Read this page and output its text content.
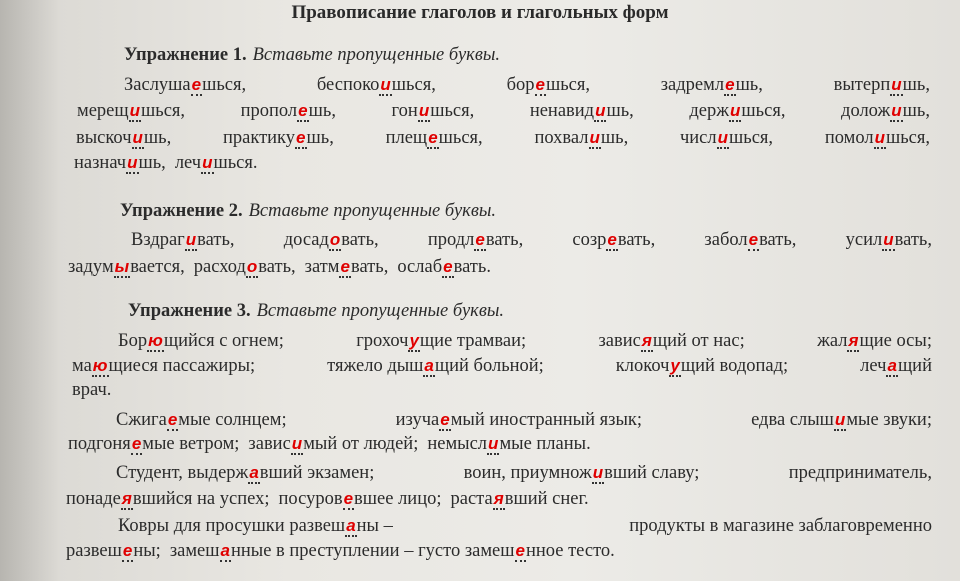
Правописание глаголов и глагольных форм
Упражнение 1. Вставьте пропущенные буквы.
Заслушаешься,	беспокоишься,	борешься,	задремлешь,	вытерпишь,
мерещишься,	прополешь,	гонишься,	ненавидишь,	держишься,	доложишь,
выскочишь,	практикуешь,	плещешься,	похвалишь,	числишься,	помолишься,
назначишь, лечишься.
Упражнение 2. Вставьте пропущенные буквы.
Вздрагивать,	досадовать,	продлевать,	созревать,	заболевать,	усиливать,
задумывается, расходовать, затмевать, ослабевать.
Упражнение 3. Вставьте пропущенные буквы.
Борющийся с огнем;	грохочущие трамваи;	зависящий от нас;	жалящие осы;
мающиеся пассажиры;	тяжело дышащий больной;	клокочущий водопад;	лечащий
врач.
Сжигаемые солнцем;	изучаемый иностранный язык;	едва слышимые звуки;
подгоняемые ветром; зависимый от людей; немыслимые планы.
Студент, выдержавший экзамен;	воин, приумноживший славу;	предприниматель,
понадеявшийся на успех; посуровевшее лицо; растаявший снег.
Ковры для просушки развешаны –	продукты в магазине заблаговременно
развешены; замешанные в преступлении – густо замешенное тесто.
